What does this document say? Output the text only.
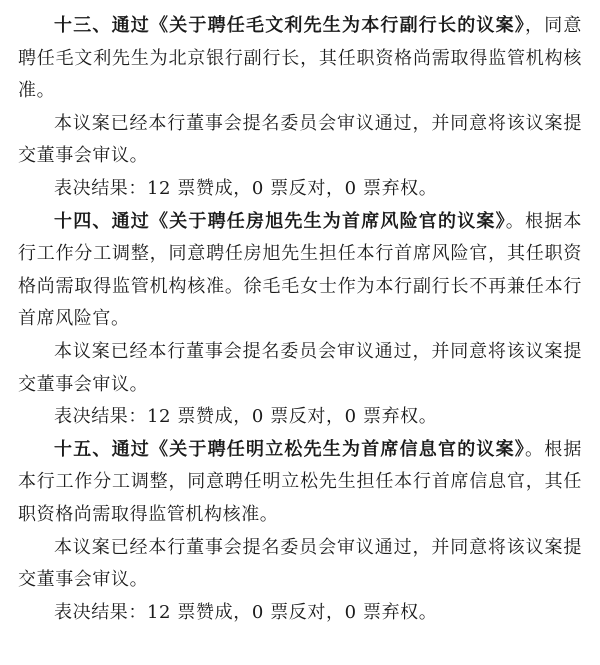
十三、通过《关于聘任毛文利先生为本行副行长的议案》，同意聘任毛文利先生为北京银行副行长，其任职资格尚需取得监管机构核准。

本议案已经本行董事会提名委员会审议通过，并同意将该议案提交董事会审议。

表决结果：12 票赞成，0 票反对，0 票弃权。

十四、通过《关于聘任房旭先生为首席风险官的议案》。根据本行工作分工调整，同意聘任房旭先生担任本行首席风险官，其任职资格尚需取得监管机构核准。徐毛毛女士作为本行副行长不再兼任本行首席风险官。

本议案已经本行董事会提名委员会审议通过，并同意将该议案提交董事会审议。

表决结果：12 票赞成，0 票反对，0 票弃权。

十五、通过《关于聘任明立松先生为首席信息官的议案》。根据本行工作分工调整，同意聘任明立松先生担任本行首席信息官，其任职资格尚需取得监管机构核准。

本议案已经本行董事会提名委员会审议通过，并同意将该议案提交董事会审议。

表决结果：12 票赞成，0 票反对，0 票弃权。
